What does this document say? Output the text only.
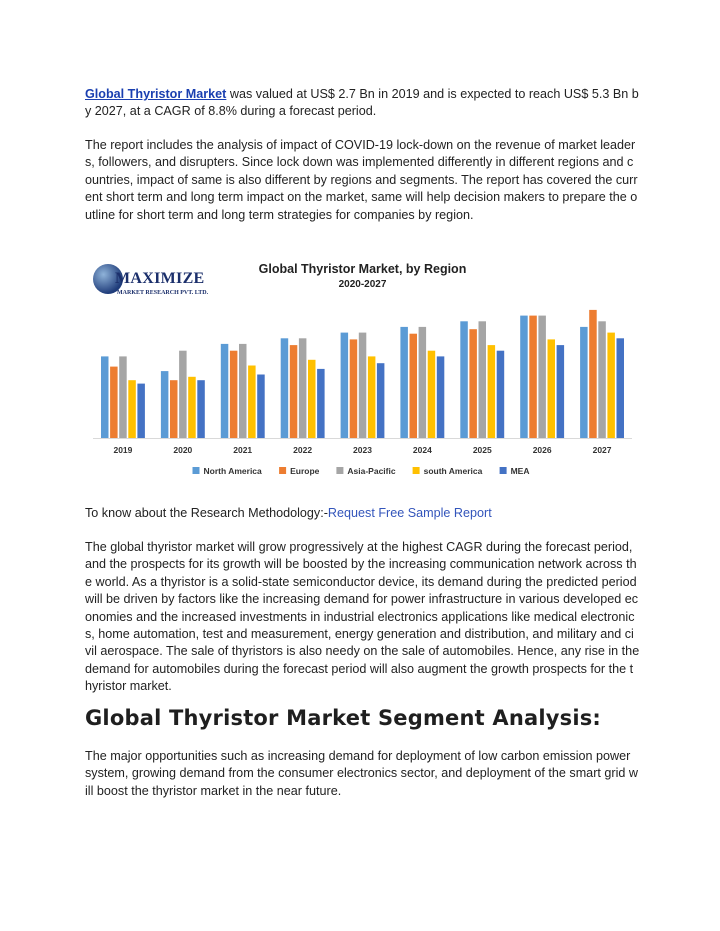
Global Thyristor Market was valued at US$ 2.7 Bn in 2019 and is expected to reach US$ 5.3 Bn by 2027, at a CAGR of 8.8% during a forecast period.

The report includes the analysis of impact of COVID-19 lock-down on the revenue of market leaders, followers, and disrupters. Since lock down was implemented differently in different regions and countries, impact of same is also different by regions and segments. The report has covered the current short term and long term impact on the market, same will help decision makers to prepare the outline for short term and long term strategies for companies by region.

MAXIMIZE
MARKET RESEARCH PVT. LTD.
Global Thyristor Market, by Region
2020-2027
2019	2020	2021	2022	2023	2024	2025	2026	2027
North America	Europe	Asia-Pacific	south America	MEA

To know about the Research Methodology:-Request Free Sample Report

The global thyristor market will grow progressively at the highest CAGR during the forecast period, and the prospects for its growth will be boosted by the increasing communication network across the world. As a thyristor is a solid-state semiconductor device, its demand during the predicted period will be driven by factors like the increasing demand for power infrastructure in various developed economies and the increased investments in industrial electronics applications like medical electronics, home automation, test and measurement, energy generation and distribution, and military and civil aerospace. The sale of thyristors is also needy on the sale of automobiles. Hence, any rise in the demand for automobiles during the forecast period will also augment the growth prospects for the thyristor market.

Global Thyristor Market Segment Analysis:

The major opportunities such as increasing demand for deployment of low carbon emission power system, growing demand from the consumer electronics sector, and deployment of the smart grid will boost the thyristor market in the near future.
